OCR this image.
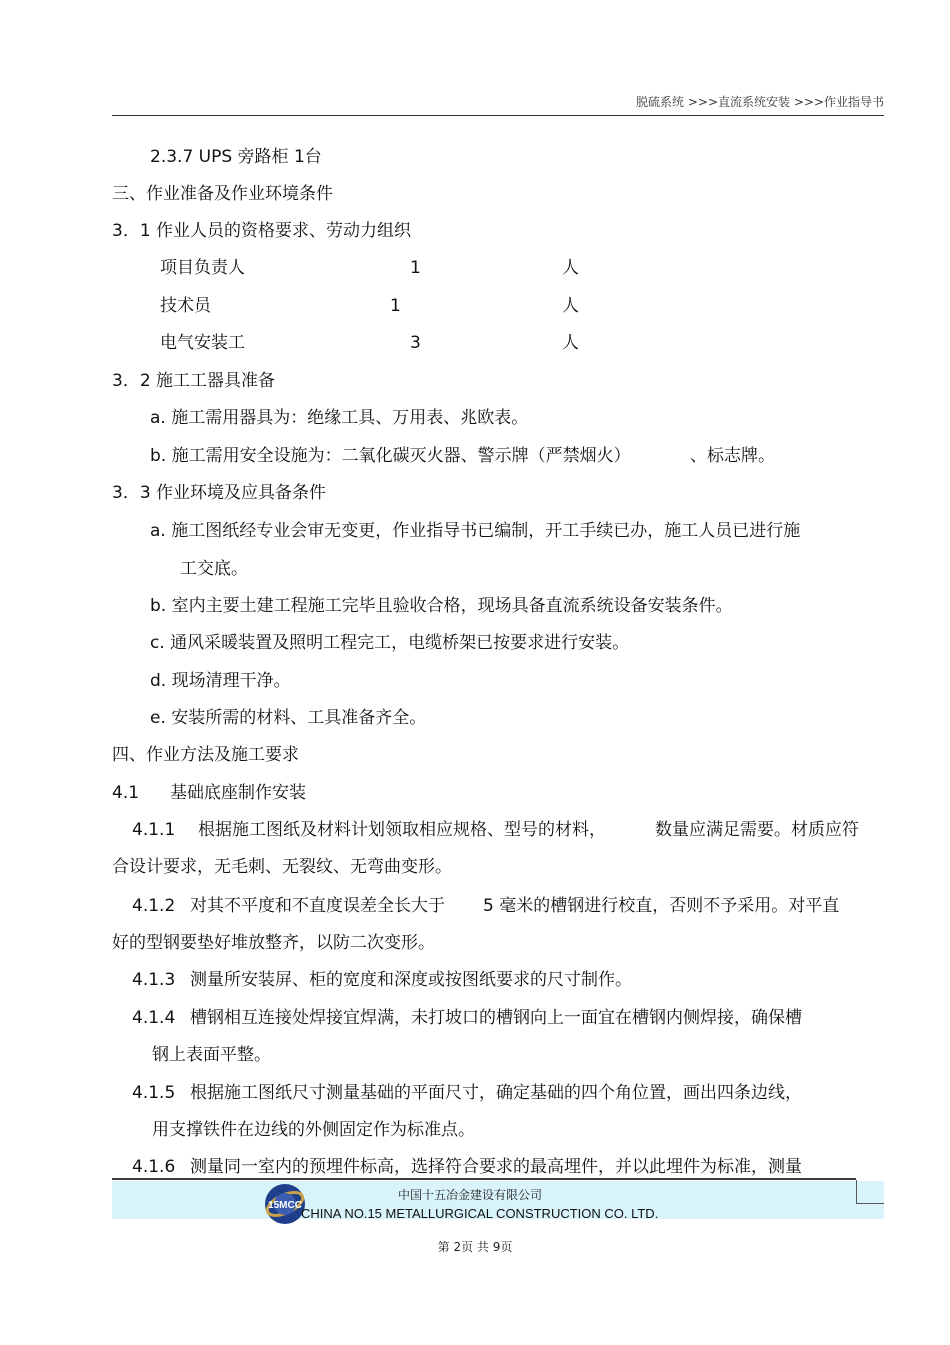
脱硫系统 >>>直流系统安装 >>>作业指导书
2.3.7 UPS 旁路柜 1台
三、作业准备及作业环境条件
3．1 作业人员的资格要求、劳动力组织
项目负责人	1	人
技术员	1	人
电气安装工	3	人
3．2 施工工器具准备
a. 施工需用器具为：绝缘工具、万用表、兆欧表。
b. 施工需用安全设施为：二氧化碳灭火器、警示牌（严禁烟火）	、标志牌。
3．3 作业环境及应具备条件
a. 施工图纸经专业会审无变更，作业指导书已编制，开工手续已办，施工人员已进行施
工交底。
b. 室内主要土建工程施工完毕且验收合格，现场具备直流系统设备安装条件。
c. 通风采暖装置及照明工程完工，电缆桥架已按要求进行安装。
d. 现场清理干净。
e. 安装所需的材料、工具准备齐全。
四、作业方法及施工要求
4.1 基础底座制作安装
4.1.1 根据施工图纸及材料计划领取相应规格、型号的材料，	数量应满足需要。材质应符
合设计要求，无毛刺、无裂纹、无弯曲变形。
4.1.2 对其不平度和不直度误差全长大于 5 毫米的槽钢进行校直，否则不予采用。对平直
好的型钢要垫好堆放整齐，以防二次变形。
4.1.3 测量所安装屏、柜的宽度和深度或按图纸要求的尺寸制作。
4.1.4 槽钢相互连接处焊接宜焊满，未打坡口的槽钢向上一面宜在槽钢内侧焊接，确保槽
钢上表面平整。
4.1.5 根据施工图纸尺寸测量基础的平面尺寸，确定基础的四个角位置，画出四条边线，
用支撑铁件在边线的外侧固定作为标准点。
4.1.6 测量同一室内的预埋件标高，选择符合要求的最高埋件，并以此埋件为标准，测量
15MCC
中国十五冶金建设有限公司
CHINA NO.15 METALLURGICAL CONSTRUCTION CO. LTD.
第 2页 共 9页
